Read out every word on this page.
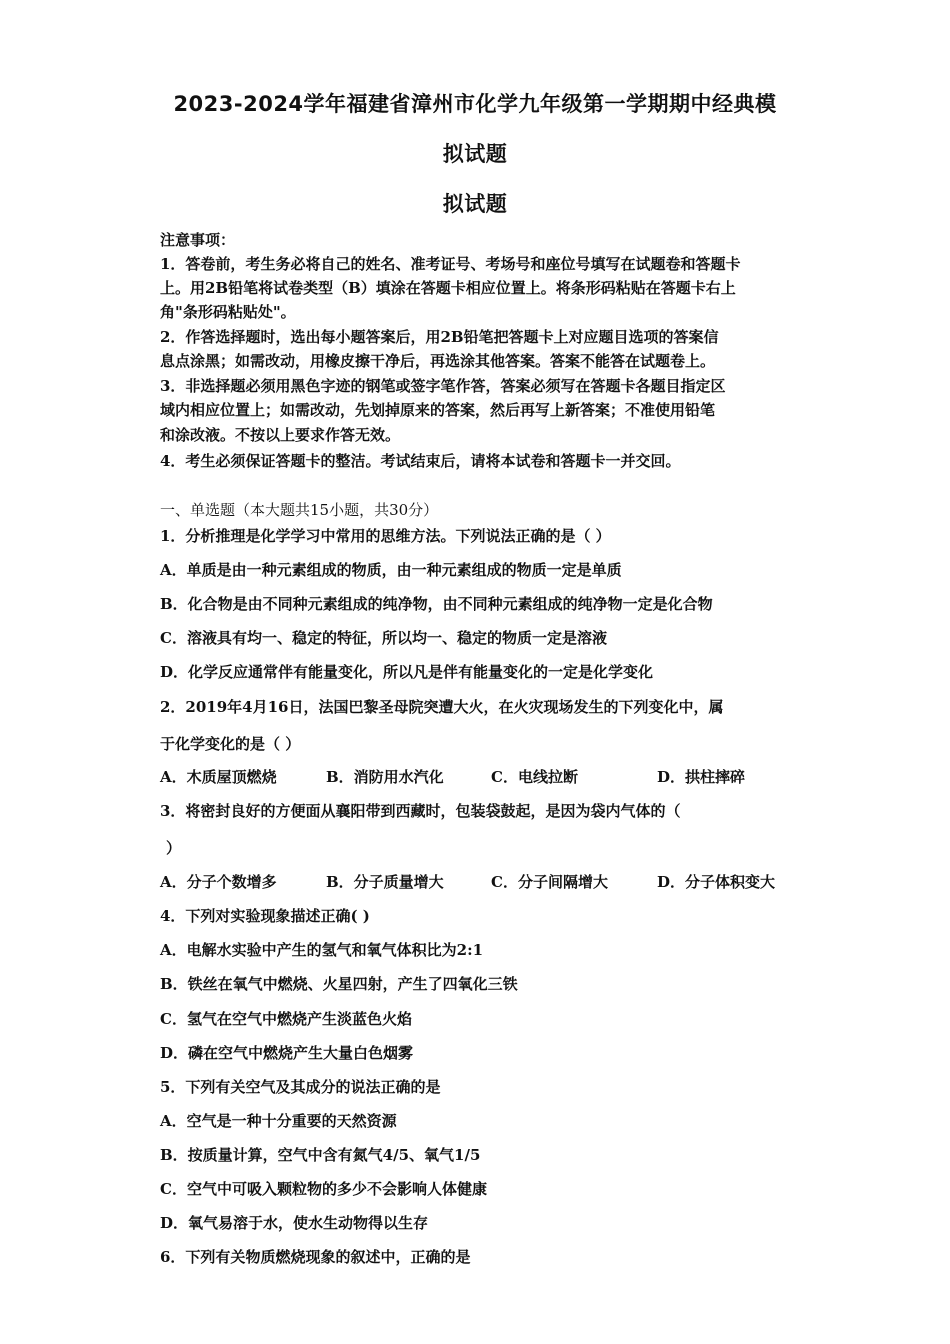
2023-2024学年福建省漳州市化学九年级第一学期期中经典模
拟试题
拟试题
注意事项：
1．答卷前，考生务必将自己的姓名、准考证号、考场号和座位号填写在试题卷和答题卡
上。用2B铅笔将试卷类型（B）填涂在答题卡相应位置上。将条形码粘贴在答题卡右上
角"条形码粘贴处"。
2．作答选择题时，选出每小题答案后，用2B铅笔把答题卡上对应题目选项的答案信
息点涂黑；如需改动，用橡皮擦干净后，再选涂其他答案。答案不能答在试题卷上。
3．非选择题必须用黑色字迹的钢笔或签字笔作答，答案必须写在答题卡各题目指定区
域内相应位置上；如需改动，先划掉原来的答案，然后再写上新答案；不准使用铅笔
和涂改液。不按以上要求作答无效。
4．考生必须保证答题卡的整洁。考试结束后，请将本试卷和答题卡一并交回。
一、单选题（本大题共15小题，共30分）
1．分析推理是化学学习中常用的思维方法。下列说法正确的是（ ）
A．单质是由一种元素组成的物质，由一种元素组成的物质一定是单质
B．化合物是由不同种元素组成的纯净物，由不同种元素组成的纯净物一定是化合物
C．溶液具有均一、稳定的特征，所以均一、稳定的物质一定是溶液
D．化学反应通常伴有能量变化，所以凡是伴有能量变化的一定是化学变化
2．2019年4月16日，法国巴黎圣母院突遭大火，在火灾现场发生的下列变化中，属
于化学变化的是（ ）
A．木质屋顶燃烧	B．消防用水汽化	C．电线拉断	D．拱柱摔碎
3．将密封良好的方便面从襄阳带到西藏时，包装袋鼓起，是因为袋内气体的（
）
A．分子个数增多	B．分子质量增大	C．分子间隔增大	D．分子体积变大
4．下列对实验现象描述正确( )
A．电解水实验中产生的氢气和氧气体积比为2:1
B．铁丝在氧气中燃烧、火星四射，产生了四氧化三铁
C．氢气在空气中燃烧产生淡蓝色火焰
D．磷在空气中燃烧产生大量白色烟雾
5．下列有关空气及其成分的说法正确的是
A．空气是一种十分重要的天然资源
B．按质量计算，空气中含有氮气4/5、氧气1/5
C．空气中可吸入颗粒物的多少不会影响人体健康
D．氧气易溶于水，使水生动物得以生存
6．下列有关物质燃烧现象的叙述中，正确的是
